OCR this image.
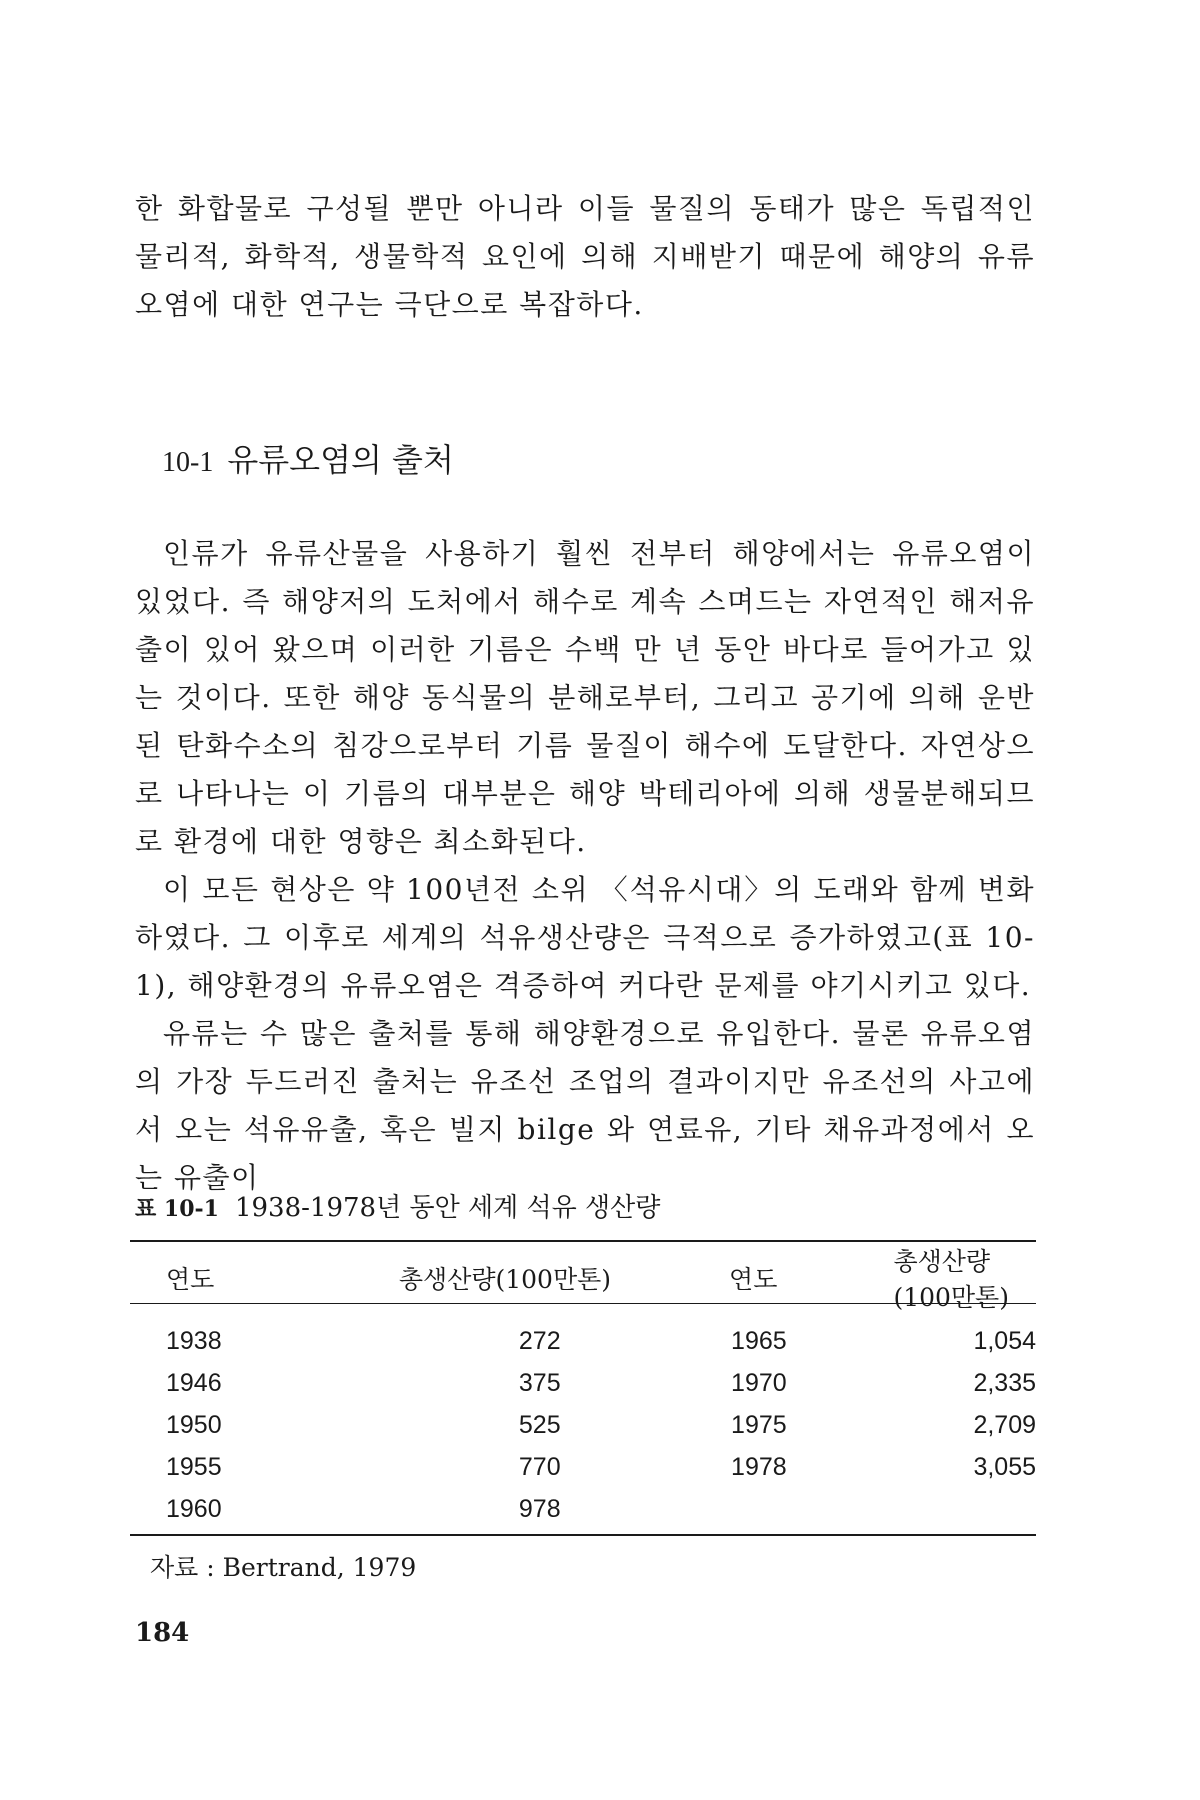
한 화합물로 구성될 뿐만 아니라 이들 물질의 동태가 많은 독립적인 물리적, 화학적, 생물학적 요인에 의해 지배받기 때문에 해양의 유류오염에 대한 연구는 극단으로 복잡하다.

10-1 유류오염의 출처

인류가 유류산물을 사용하기 훨씬 전부터 해양에서는 유류오염이 있었다. 즉 해양저의 도처에서 해수로 계속 스며드는 자연적인 해저유출이 있어 왔으며 이러한 기름은 수백 만 년 동안 바다로 들어가고 있는 것이다. 또한 해양 동식물의 분해로부터, 그리고 공기에 의해 운반된 탄화수소의 침강으로부터 기름 물질이 해수에 도달한다. 자연상으로 나타나는 이 기름의 대부분은 해양 박테리아에 의해 생물분해되므로 환경에 대한 영향은 최소화된다.

이 모든 현상은 약 100년전 소위 〈석유시대〉의 도래와 함께 변화하였다. 그 이후로 세계의 석유생산량은 극적으로 증가하였고(표 10-1), 해양환경의 유류오염은 격증하여 커다란 문제를 야기시키고 있다.

유류는 수 많은 출처를 통해 해양환경으로 유입한다. 물론 유류오염의 가장 두드러진 출처는 유조선 조업의 결과이지만 유조선의 사고에서 오는 석유유출, 혹은 빌지 bilge 와 연료유, 기타 채유과정에서 오는 유출이

표 10-1 1938-1978년 동안 세계 석유 생산량
연도	총생산량(100만톤)	연도	총생산량(100만톤)
1938	272	1965	1,054
1946	375	1970	2,335
1950	525	1975	2,709
1955	770	1978	3,055
1960	978		
자료 : Bertrand, 1979
184
